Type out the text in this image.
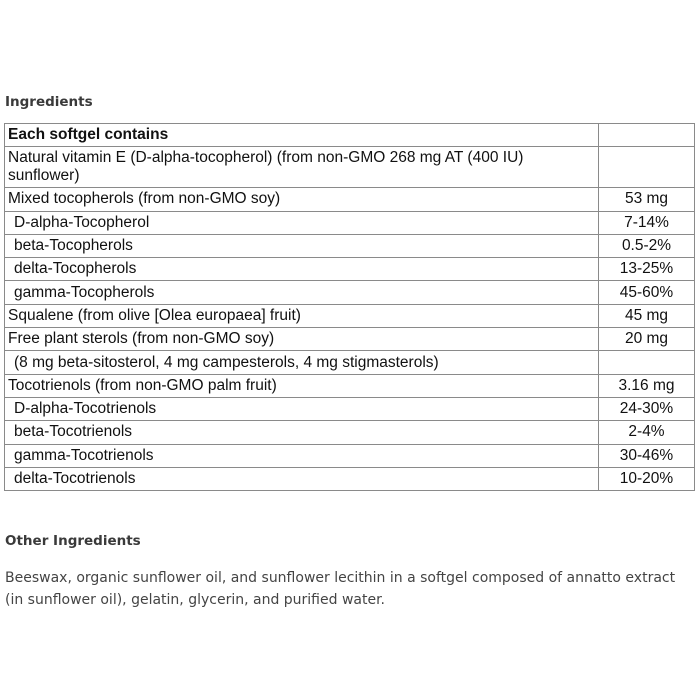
Ingredients
Each softgel contains	
Natural vitamin E (D-alpha-tocopherol) (from non-GMO 268 mg AT (400 IU) sunflower)	
Mixed tocopherols (from non-GMO soy)	53 mg
D-alpha-Tocopherol	7-14%
beta-Tocopherols	0.5-2%
delta-Tocopherols	13-25%
gamma-Tocopherols	45-60%
Squalene (from olive [Olea europaea] fruit)	45 mg
Free plant sterols (from non-GMO soy)	20 mg
(8 mg beta-sitosterol, 4 mg campesterols, 4 mg stigmasterols)	
Tocotrienols (from non-GMO palm fruit)	3.16 mg
D-alpha-Tocotrienols	24-30%
beta-Tocotrienols	2-4%
gamma-Tocotrienols	30-46%
delta-Tocotrienols	10-20%
Other Ingredients
Beeswax, organic sunflower oil, and sunflower lecithin in a softgel composed of annatto extract (in sunflower oil), gelatin, glycerin, and purified water.
